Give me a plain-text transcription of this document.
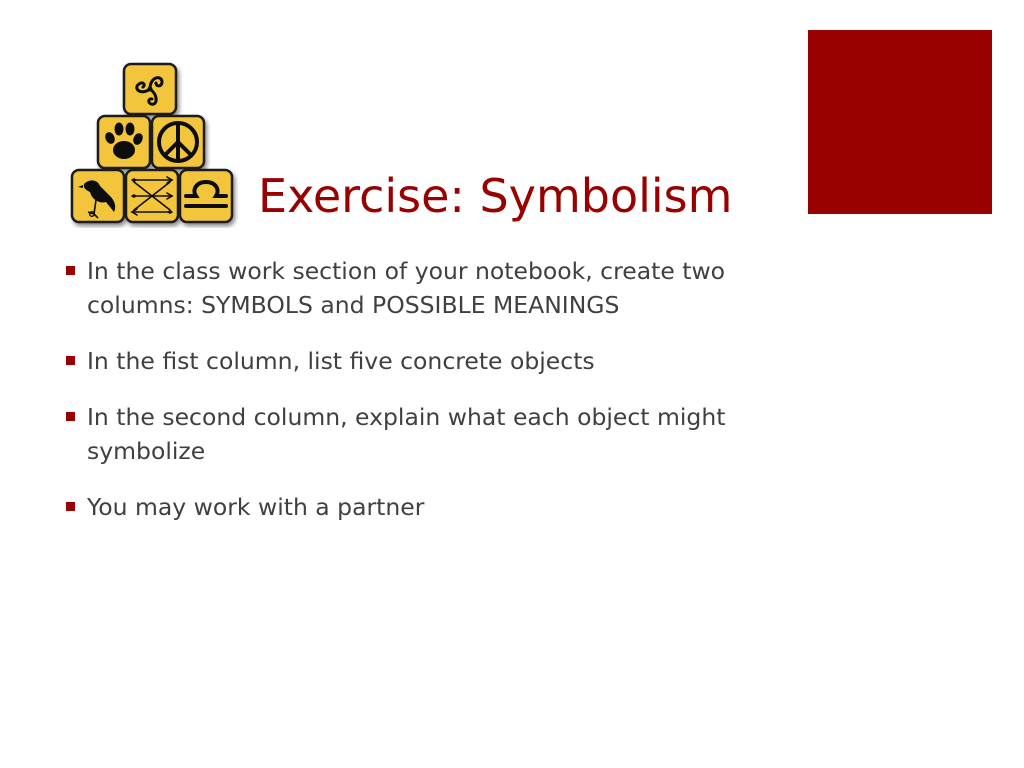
Exercise: Symbolism
In the class work section of your notebook, create two columns: SYMBOLS and POSSIBLE MEANINGS
In the fist column, list five concrete objects
In the second column, explain what each object might symbolize
You may work with a partner
